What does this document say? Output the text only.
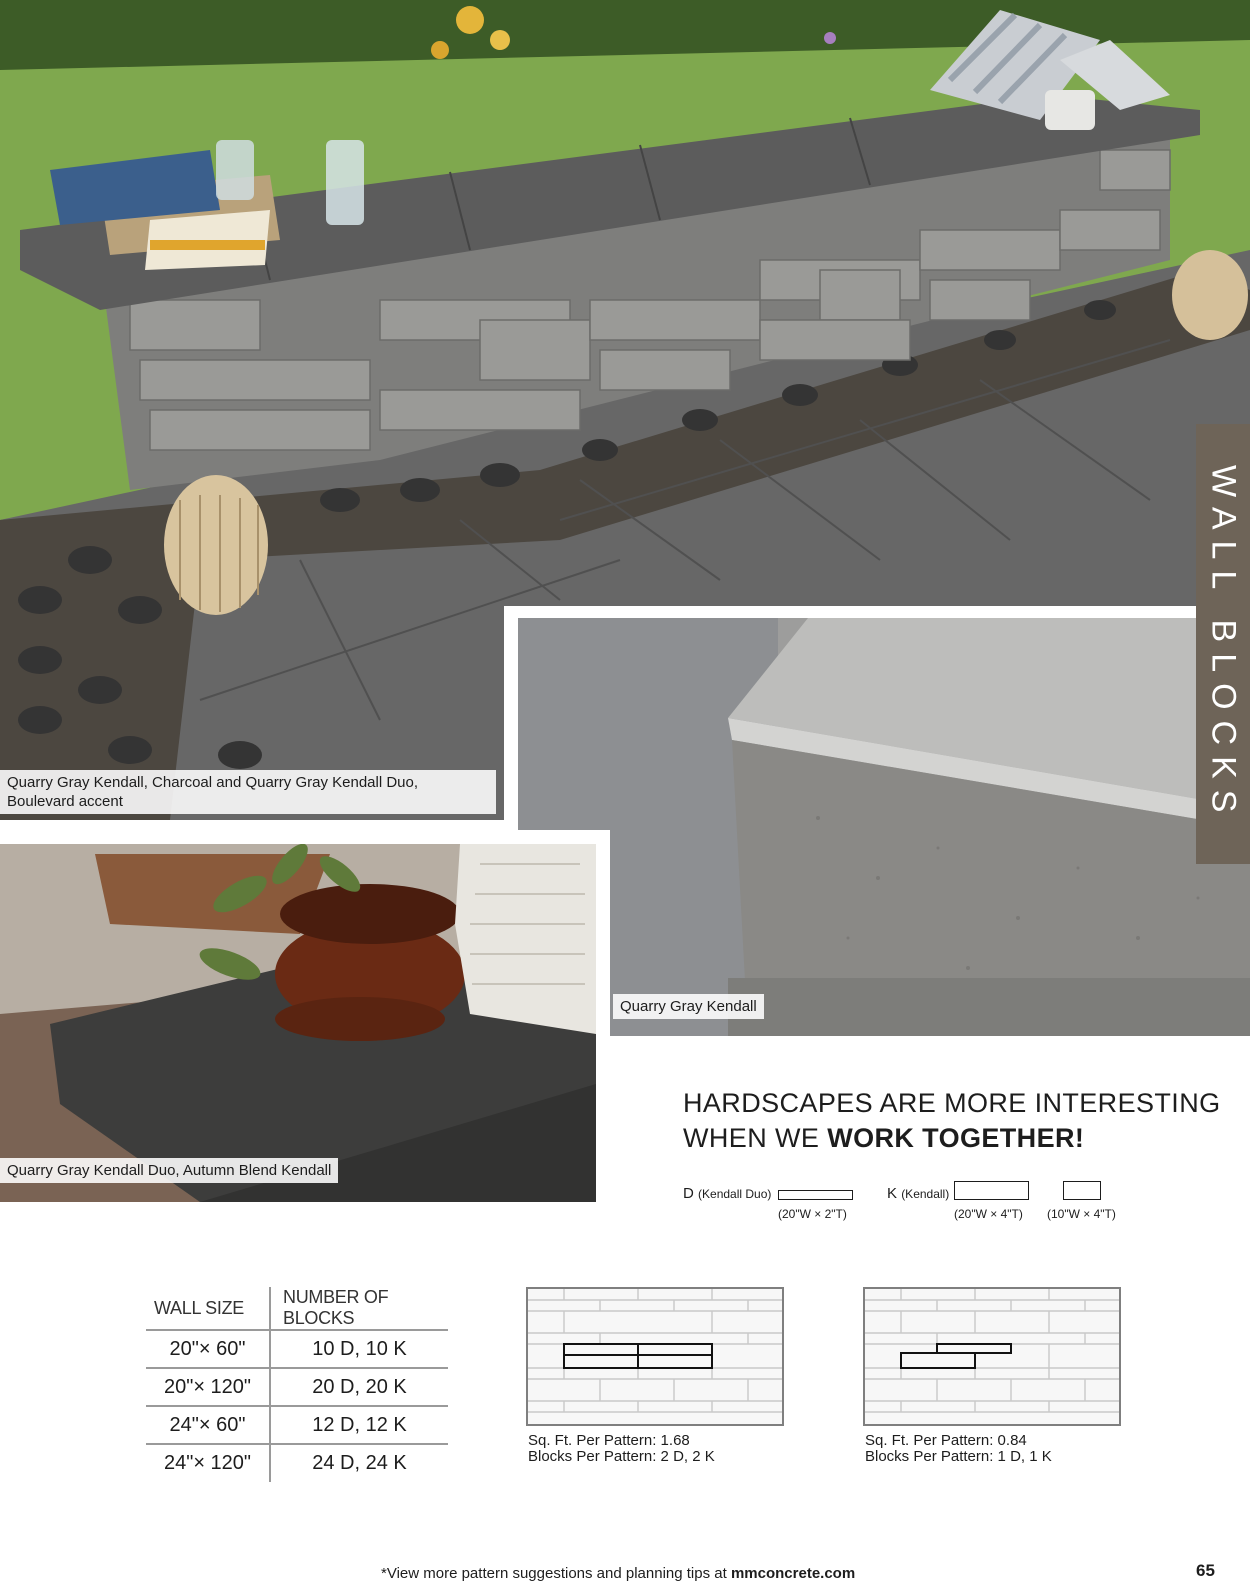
Quarry Gray Kendall, Charcoal and Quarry Gray Kendall Duo,
Boulevard accent
Quarry Gray Kendall
Quarry Gray Kendall Duo, Autumn Blend Kendall
WALL BLOCKS
HARDSCAPES ARE MORE INTERESTING
WHEN WE WORK TOGETHER!
D (Kendall Duo)
(20"W × 2"T)
K (Kendall)
(20"W × 4"T) (10"W × 4"T)
WALL SIZE	NUMBER OF BLOCKS
20"× 60"	10 D, 10 K
20"× 120"	20 D, 20 K
24"× 60"	12 D, 12 K
24"× 120"	24 D, 24 K
Sq. Ft. Per Pattern: 1.68
Blocks Per Pattern: 2 D, 2 K
Sq. Ft. Per Pattern: 0.84
Blocks Per Pattern: 1 D, 1 K
*View more pattern suggestions and planning tips at mmconcrete.com	65
